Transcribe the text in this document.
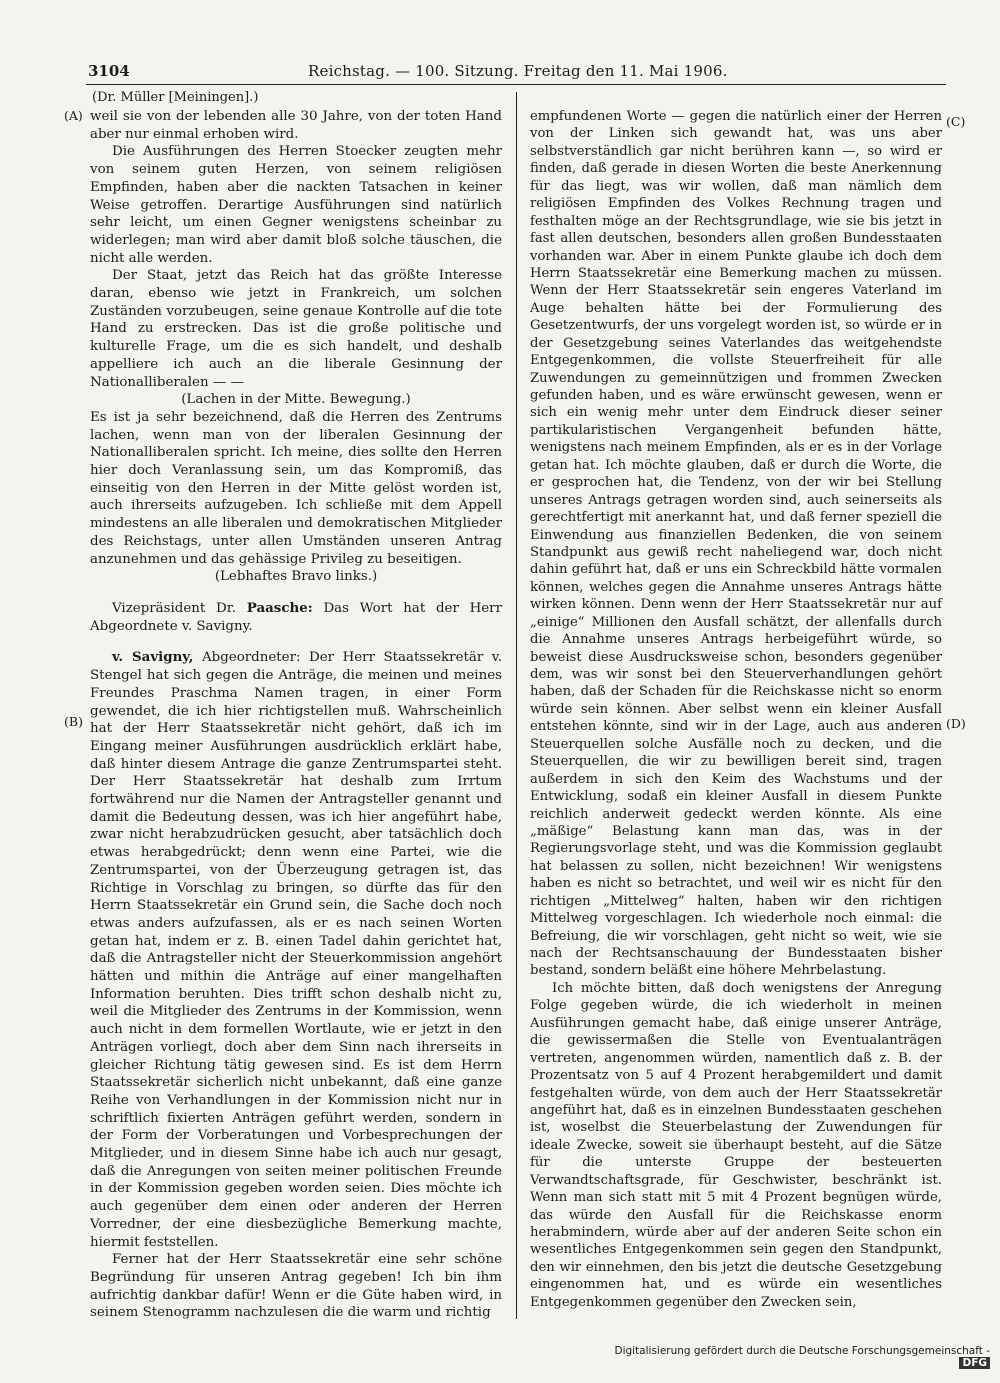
3104	Reichstag. — 100. Sitzung. Freitag den 11. Mai 1906.
(Dr. Müller [Meiningen].)
(A)
(B)
(C)
(D)

weil sie von der lebenden alle 30 Jahre, von der toten Hand aber nur einmal erhoben wird.

Die Ausführungen des Herren Stoecker zeugten mehr von seinem guten Herzen, von seinem religiösen Empfinden, haben aber die nackten Tatsachen in keiner Weise getroffen. Derartige Ausführungen sind natürlich sehr leicht, um einen Gegner wenigstens scheinbar zu widerlegen; man wird aber damit bloß solche täuschen, die nicht alle werden.

Der Staat, jetzt das Reich hat das größte Interesse daran, ebenso wie jetzt in Frankreich, um solchen Zuständen vorzubeugen, seine genaue Kontrolle auf die tote Hand zu erstrecken. Das ist die große politische und kulturelle Frage, um die es sich handelt, und deshalb appelliere ich auch an die liberale Gesinnung der Nationalliberalen — —

(Lachen in der Mitte. Bewegung.)

Es ist ja sehr bezeichnend, daß die Herren des Zentrums lachen, wenn man von der liberalen Gesinnung der Nationalliberalen spricht. Ich meine, dies sollte den Herren hier doch Veranlassung sein, um das Kompromiß, das einseitig von den Herren in der Mitte gelöst worden ist, auch ihrerseits aufzugeben. Ich schließe mit dem Appell mindestens an alle liberalen und demokratischen Mitglieder des Reichstags, unter allen Umständen unseren Antrag anzunehmen und das gehässige Privileg zu beseitigen.

(Lebhaftes Bravo links.)

Vizepräsident Dr. Paasche: Das Wort hat der Herr Abgeordnete v. Savigny.

v. Savigny, Abgeordneter: Der Herr Staatssekretär v. Stengel hat sich gegen die Anträge, die meinen und meines Freundes Praschma Namen tragen, in einer Form gewendet, die ich hier richtigstellen muß. Wahrscheinlich hat der Herr Staatssekretär nicht gehört, daß ich im Eingang meiner Ausführungen ausdrücklich erklärt habe, daß hinter diesem Antrage die ganze Zentrumspartei steht. Der Herr Staatssekretär hat deshalb zum Irrtum fortwährend nur die Namen der Antragsteller genannt und damit die Bedeutung dessen, was ich hier angeführt habe, zwar nicht herabzudrücken gesucht, aber tatsächlich doch etwas herabgedrückt; denn wenn eine Partei, wie die Zentrumspartei, von der Überzeugung getragen ist, das Richtige in Vorschlag zu bringen, so dürfte das für den Herrn Staatssekretär ein Grund sein, die Sache doch noch etwas anders aufzufassen, als er es nach seinen Worten getan hat, indem er z. B. einen Tadel dahin gerichtet hat, daß die Antragsteller nicht der Steuerkommission angehört hätten und mithin die Anträge auf einer mangelhaften Information beruhten. Dies trifft schon deshalb nicht zu, weil die Mitglieder des Zentrums in der Kommission, wenn auch nicht in dem formellen Wortlaute, wie er jetzt in den Anträgen vorliegt, doch aber dem Sinn nach ihrerseits in gleicher Richtung tätig gewesen sind. Es ist dem Herrn Staatssekretär sicherlich nicht unbekannt, daß eine ganze Reihe von Verhandlungen in der Kommission nicht nur in schriftlich fixierten Anträgen geführt werden, sondern in der Form der Vorberatungen und Vorbesprechungen der Mitglieder, und in diesem Sinne habe ich auch nur gesagt, daß die Anregungen von seiten meiner politischen Freunde in der Kommission gegeben worden seien. Dies möchte ich auch gegenüber dem einen oder anderen der Herren Vorredner, der eine diesbezügliche Bemerkung machte, hiermit feststellen.

Ferner hat der Herr Staatssekretär eine sehr schöne Begründung für unseren Antrag gegeben! Ich bin ihm aufrichtig dankbar dafür! Wenn er die Güte haben wird, in seinem Stenogramm nachzulesen die die warm und richtig

empfundenen Worte — gegen die natürlich einer der Herren von der Linken sich gewandt hat, was uns aber selbstverständlich gar nicht berühren kann —, so wird er finden, daß gerade in diesen Worten die beste Anerkennung für das liegt, was wir wollen, daß man nämlich dem religiösen Empfinden des Volkes Rechnung tragen und festhalten möge an der Rechtsgrundlage, wie sie bis jetzt in fast allen deutschen, besonders allen großen Bundesstaaten vorhanden war. Aber in einem Punkte glaube ich doch dem Herrn Staatssekretär eine Bemerkung machen zu müssen. Wenn der Herr Staatssekretär sein engeres Vaterland im Auge behalten hätte bei der Formulierung des Gesetzentwurfs, der uns vorgelegt worden ist, so würde er in der Gesetzgebung seines Vaterlandes das weitgehendste Entgegenkommen, die vollste Steuerfreiheit für alle Zuwendungen zu gemeinnützigen und frommen Zwecken gefunden haben, und es wäre erwünscht gewesen, wenn er sich ein wenig mehr unter dem Eindruck dieser seiner partikularistischen Vergangenheit befunden hätte, wenigstens nach meinem Empfinden, als er es in der Vorlage getan hat. Ich möchte glauben, daß er durch die Worte, die er gesprochen hat, die Tendenz, von der wir bei Stellung unseres Antrags getragen worden sind, auch seinerseits als gerechtfertigt mit anerkannt hat, und daß ferner speziell die Einwendung aus finanziellen Bedenken, die von seinem Standpunkt aus gewiß recht naheliegend war, doch nicht dahin geführt hat, daß er uns ein Schreckbild hätte vormalen können, welches gegen die Annahme unseres Antrags hätte wirken können. Denn wenn der Herr Staatssekretär nur auf „einige“ Millionen den Ausfall schätzt, der allenfalls durch die Annahme unseres Antrags herbeigeführt würde, so beweist diese Ausdrucksweise schon, besonders gegenüber dem, was wir sonst bei den Steuerverhandlungen gehört haben, daß der Schaden für die Reichskasse nicht so enorm würde sein können. Aber selbst wenn ein kleiner Ausfall entstehen könnte, sind wir in der Lage, auch aus anderen Steuerquellen solche Ausfälle noch zu decken, und die Steuerquellen, die wir zu bewilligen bereit sind, tragen außerdem in sich den Keim des Wachstums und der Entwicklung, sodaß ein kleiner Ausfall in diesem Punkte reichlich anderweit gedeckt werden könnte. Als eine „mäßige“ Belastung kann man das, was in der Regierungsvorlage steht, und was die Kommission geglaubt hat belassen zu sollen, nicht bezeichnen! Wir wenigstens haben es nicht so betrachtet, und weil wir es nicht für den richtigen „Mittelweg“ halten, haben wir den richtigen Mittelweg vorgeschlagen. Ich wiederhole noch einmal: die Befreiung, die wir vorschlagen, geht nicht so weit, wie sie nach der Rechtsanschauung der Bundesstaaten bisher bestand, sondern beläßt eine höhere Mehrbelastung.

Ich möchte bitten, daß doch wenigstens der Anregung Folge gegeben würde, die ich wiederholt in meinen Ausführungen gemacht habe, daß einige unserer Anträge, die gewissermaßen die Stelle von Eventualanträgen vertreten, angenommen würden, namentlich daß z. B. der Prozentsatz von 5 auf 4 Prozent herabgemildert und damit festgehalten würde, von dem auch der Herr Staatssekretär angeführt hat, daß es in einzelnen Bundesstaaten geschehen ist, woselbst die Steuerbelastung der Zuwendungen für ideale Zwecke, soweit sie überhaupt besteht, auf die Sätze für die unterste Gruppe der besteuerten Verwandtschaftsgrade, für Geschwister, beschränkt ist. Wenn man sich statt mit 5 mit 4 Prozent begnügen würde, das würde den Ausfall für die Reichskasse enorm herabmindern, würde aber auf der anderen Seite schon ein wesentliches Entgegenkommen sein gegen den Standpunkt, den wir einnehmen, den bis jetzt die deutsche Gesetzgebung eingenommen hat, und es würde ein wesentliches Entgegenkommen gegenüber den Zwecken sein,

Digitalisierung gefördert durch die Deutsche Forschungsgemeinschaft -DFG
